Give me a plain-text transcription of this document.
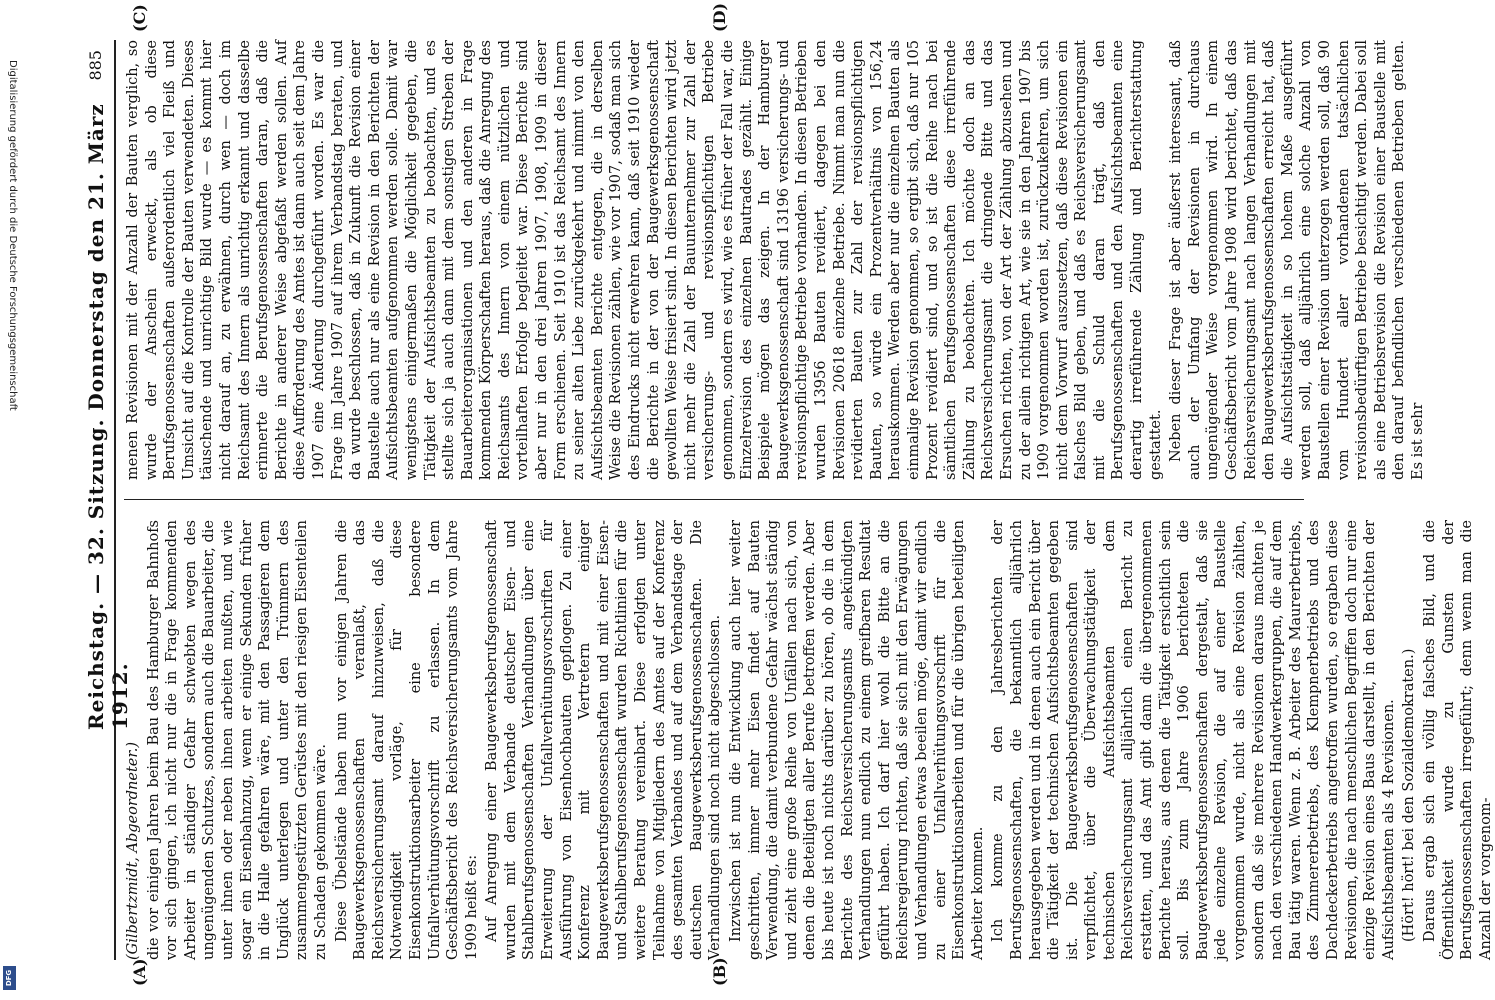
Reichstag. — 32. Sitzung. Donnerstag den 21. März 1912.
885
(A)	(B)
(C)	(D)

(Gilbertzmidt, Abgeordneter.) die vor einigen Jahren beim Bau des Hamburger Bahnhofs vor sich gingen, ich nicht nur die in Frage kommenden Arbeiter in ständiger Gefahr schwebten wegen des ungenügenden Schutzes, sondern auch die Bauarbeiter, die unter ihnen oder neben ihnen arbeiten mußten, und wie sogar ein Eisenbahnzug, wenn er einige Sekunden früher in die Halle gefahren wäre, mit den Passagieren dem Unglück unterlegen und unter den Trümmern des zusammengestürzten Gerüstes mit den riesigen Eisenteilen zu Schaden gekommen wäre. Diese Übelstände haben nun vor einigen Jahren die Baugewerksgenossenschaften veranlaßt, das Reichsversicherungsamt darauf hinzuweisen, daß die Notwendigkeit vorläge, für diese Eisenkonstruktionsarbeiter eine besondere Unfallverhütungsvorschrift zu erlassen. In dem Geschäftsbericht des Reichsversicherungsamts vom Jahre 1909 heißt es: Auf Anregung einer Baugewerksberufsgenossenschaft wurden mit dem Verbande deutscher Eisen- und Stahlberufsgenossenschaften Verhandlungen über eine Erweiterung der Unfallverhütungsvorschriften für Ausführung von Eisenhochbauten gepflogen. Zu einer Konferenz mit Vertretern einiger Baugewerksberufsgenossenschaften und mit einer Eisen- und Stahlberufsgenossenschaft wurden Richtlinien für die weitere Beratung vereinbart. Diese erfolgten unter Teilnahme von Mitgliedern des Amtes auf der Konferenz des gesamten Verbandes und auf dem Verbandstage der deutschen Baugewerksberufsgenossenschaften. Die Verhandlungen sind noch nicht abgeschlossen. Inzwischen ist nun die Entwicklung auch hier weiter geschritten, immer mehr Eisen findet auf Bauten Verwendung, die damit verbundene Gefahr wächst ständig und zieht eine große Reihe von Unfällen nach sich, von denen die Beteiligten aller Berufe betroffen werden. Aber bis heute ist noch nichts darüber zu hören, ob die in dem Berichte des Reichsversicherungsamts angekündigten Verhandlungen nun endlich zu einem greifbaren Resultat geführt haben. Ich darf hier wohl die Bitte an die Reichsregierung richten, daß sie sich mit den Erwägungen und Verhandlungen etwas beeilen möge, damit wir endlich zu einer Unfallverhütungsvorschrift für die Eisenkonstruktionsarbeiten und für die übrigen beteiligten Arbeiter kommen. Ich komme zu den Jahresberichten der Berufsgenossenschaften, die bekanntlich alljährlich herausgegeben werden und in denen auch ein Bericht über die Tätigkeit der technischen Aufsichtsbeamten gegeben ist. Die Baugewerksberufsgenossenschaften sind verpflichtet, über die Überwachungstätigkeit der technischen Aufsichtsbeamten dem Reichsversicherungsamt alljährlich einen Bericht zu erstatten, und das Amt gibt dann die übergenommenen Berichte heraus, aus denen die Tätigkeit ersichtlich sein soll. Bis zum Jahre 1906 berichteten die Baugewerksberufsgenossenschaften dergestalt, daß sie jede einzelne Revision, die auf einer Baustelle vorgenommen wurde, nicht als eine Revision zählten, sondern daß sie mehrere Revisionen daraus machten je nach den verschiedenen Handwerkergruppen, die auf dem Bau tätig waren. Wenn z. B. Arbeiter des Maurerbetriebs, des Zimmererbetriebs, des Klempnerbetriebs und des Dachdeckerbetriebs angetroffen wurden, so ergaben diese Revisionen, die nach menschlichen Begriffen doch nur eine einzige Revision eines Baus darstellt, in den Berichten der Aufsichtsbeamten als 4 Revisionen. (Hört! hört! bei den Sozialdemokraten.) Daraus ergab sich ein völlig falsches Bild, und die Öffentlichkeit wurde zu Gunsten der Berufsgenossenschaften irregeführt; denn wenn man die Anzahl der vorgenom-

menen Revisionen mit der Anzahl der Bauten verglich, so wurde der Anschein erweckt, als ob diese Berufsgenossenschaften außerordentlich viel Fleiß und Umsicht auf die Kontrolle der Bauten verwendeten. Dieses täuschende und unrichtige Bild wurde — es kommt hier nicht darauf an, zu erwähnen, durch wen — doch im Reichsamt des Innern als unrichtig erkannt und dasselbe erinnerte die Berufsgenossenschaften daran, daß die Berichte in anderer Weise abgefaßt werden sollen. Auf diese Aufforderung des Amtes ist dann auch seit dem Jahre 1907 eine Änderung durchgeführt worden. Es war die Frage im Jahre 1907 auf ihrem Verbandstag beraten, und da wurde beschlossen, daß in Zukunft die Revision einer Baustelle auch nur als eine Revision in den Berichten der Aufsichtsbeamten aufgenommen werden solle. Damit war wenigstens einigermaßen die Möglichkeit gegeben, die Tätigkeit der Aufsichtsbeamten zu beobachten, und es stellte sich ja auch dann mit dem sonstigen Streben der Bauarbeiterorganisationen und den anderen in Frage kommenden Körperschaften heraus, daß die Anregung des Reichsamts des Innern von einem nützlichen und vorteilhaften Erfolge begleitet war. Diese Berichte sind aber nur in den drei Jahren 1907, 1908, 1909 in dieser Form erschienen. Seit 1910 ist das Reichsamt des Innern zu seiner alten Liebe zurückgekehrt und nimmt von den Aufsichtsbeamten Berichte entgegen, die in derselben Weise die Revisionen zählen, wie vor 1907, sodaß man sich des Eindrucks nicht erwehren kann, daß seit 1910 wieder die Berichte in der von der Baugewerksgenossenschaft gewollten Weise frisiert sind. In diesen Berichten wird jetzt nicht mehr die Zahl der Bauunternehmer zur Zahl der versicherungs- und revisionspflichtigen Betriebe genommen, sondern es wird, wie es früher der Fall war, die Einzelrevision des einzelnen Bautrades gezählt. Einige Beispiele mögen das zeigen. In der Hamburger Baugewerksgenossenschaft sind 13196 versicherungs- und revisionspflichtige Betriebe vorhanden. In diesen Betrieben wurden 13956 Bauten revidiert, dagegen bei den Revisionen 20618 einzelne Betriebe. Nimmt man nun die revidierten Bauten zur Zahl der revisionspflichtigen Bauten, so würde ein Prozentverhältnis von 156,24 herauskommen. Werden aber nur die einzelnen Bauten als einmalige Revision genommen, so ergibt sich, daß nur 105 Prozent revidiert sind, und so ist die Reihe nach bei sämtlichen Berufsgenossenschaften diese irreführende Zählung zu beobachten. Ich möchte doch an das Reichsversicherungsamt die dringende Bitte und das Ersuchen richten, von der Art der Zählung abzusehen und zu der allein richtigen Art, wie sie in den Jahren 1907 bis 1909 vorgenommen worden ist, zurückzukehren, um sich nicht dem Vorwurf auszusetzen, daß diese Revisionen ein falsches Bild geben, und daß es Reichsversicherungsamt mit die Schuld daran trägt, daß den Berufsgenossenschaften und den Aufsichtsbeamten eine derartig irreführende Zählung und Berichterstattung gestattet. Neben dieser Frage ist aber äußerst interessant, daß auch der Umfang der Revisionen in durchaus ungenügender Weise vorgenommen wird. In einem Geschäftsbericht vom Jahre 1908 wird berichtet, daß das Reichsversicherungsamt nach langen Verhandlungen mit den Baugewerksberufsgenossenschaften erreicht hat, daß die Aufsichtstätigkeit in so hohem Maße ausgeführt werden soll, daß alljährlich eine solche Anzahl von Baustellen einer Revision unterzogen werden soll, daß 90 vom Hundert aller vorhandenen tatsächlichen revisionsbedürftigen Betriebe besichtigt werden. Dabei soll als eine Betriebsrevision die Revision einer Baustelle mit den darauf befindlichen verschiedenen Betrieben gelten. Es ist sehr

Digitalisierung gefördert durch die Deutsche Forschungsgemeinschaft
DFG
